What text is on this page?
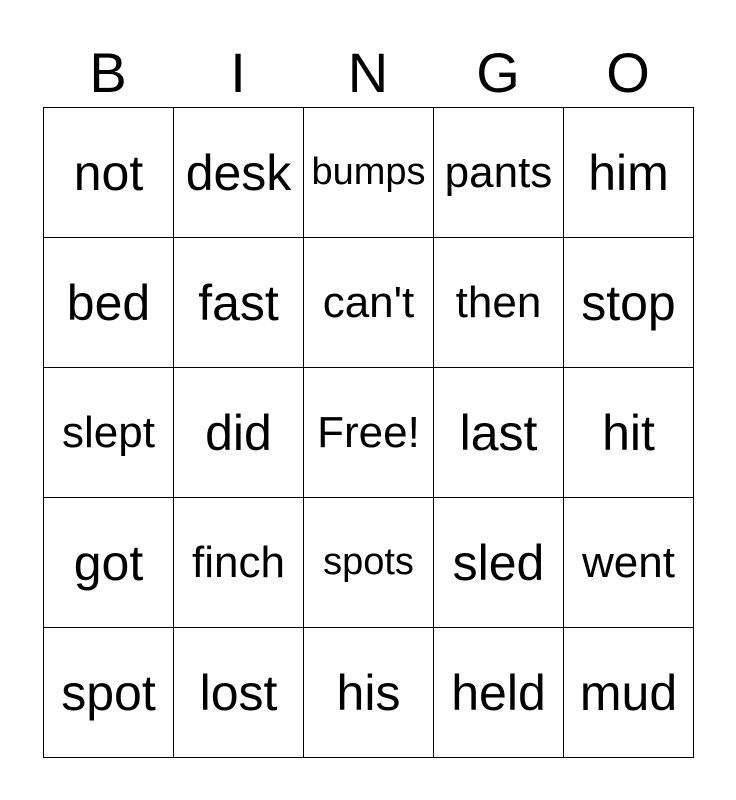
B	I	N	G	O
not desk bumps pants him
bed fast can't then stop
slept	did	Free! last	hit
got	finch	spots sled went
spot lost	his	held mud
